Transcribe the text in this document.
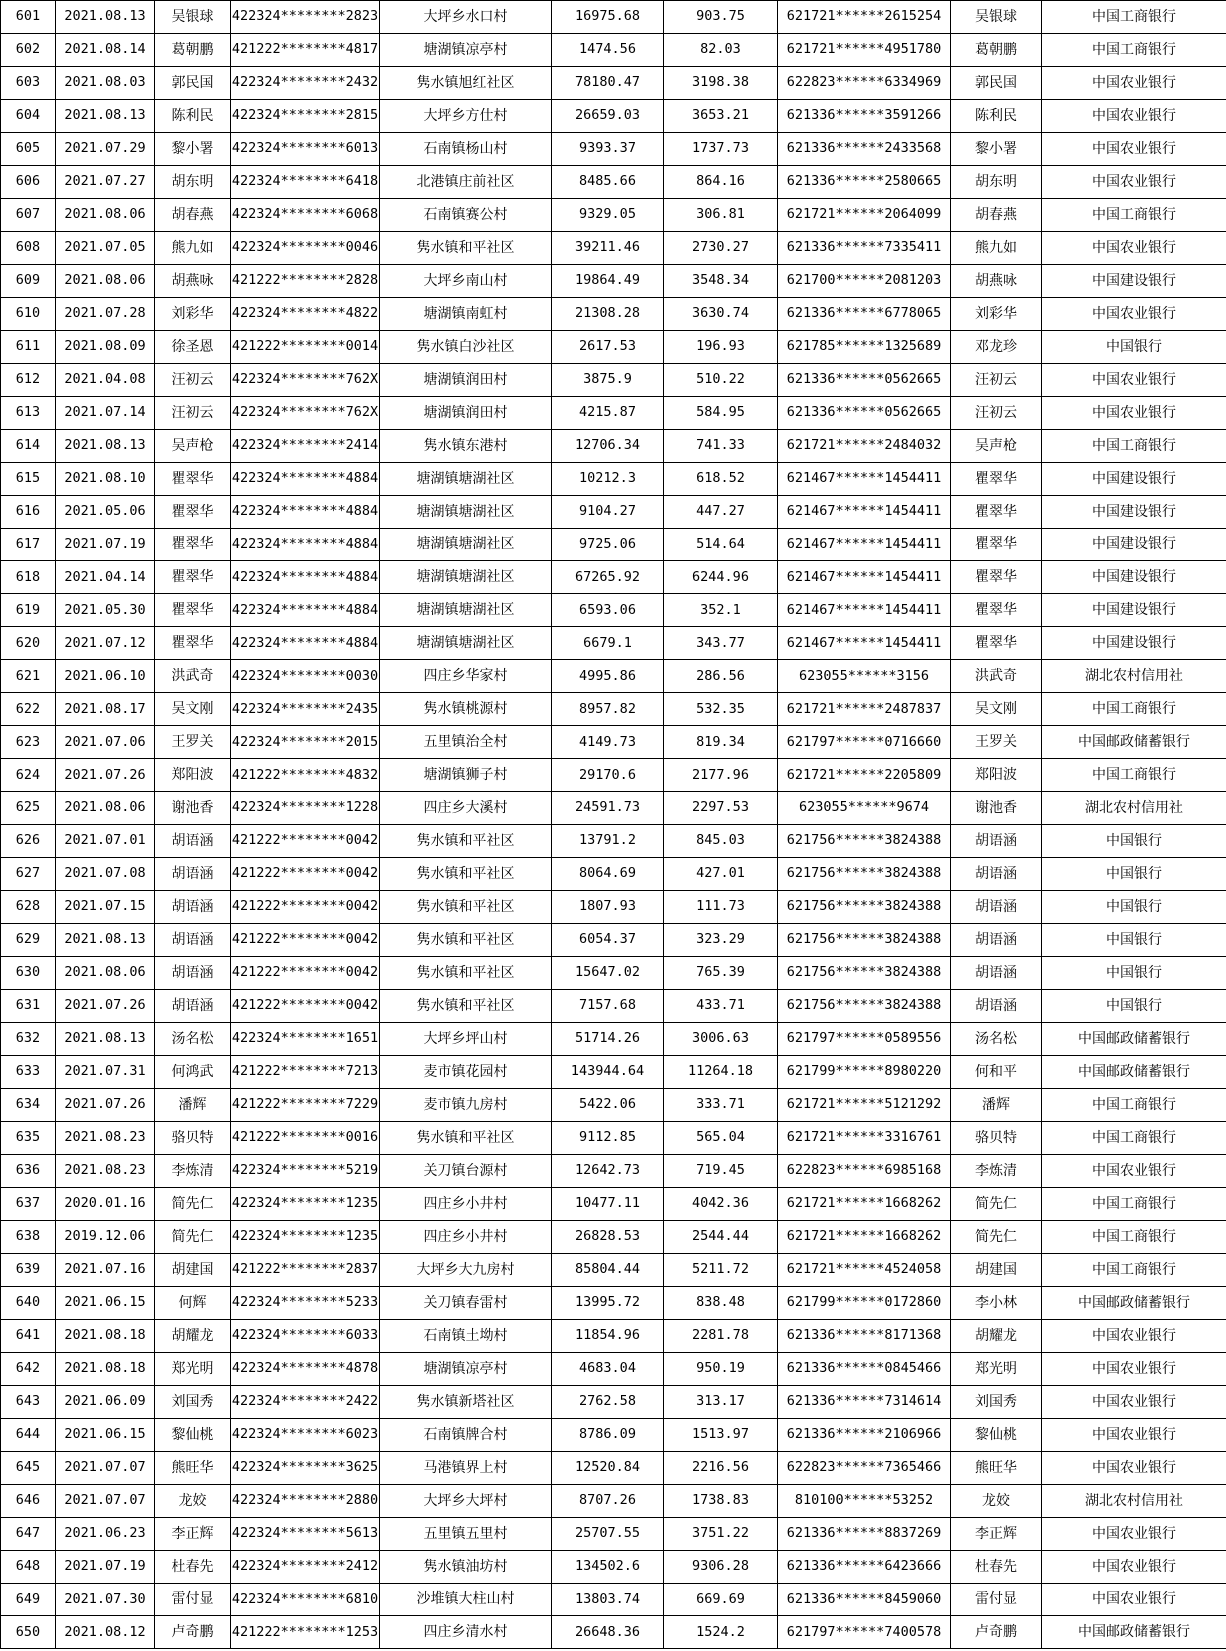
601	2021.08.13	吴银球	422324********2823	大坪乡水口村	16975.68	903.75	621721******2615254	吴银球	中国工商银行
602	2021.08.14	葛朝鹏	421222********4817	塘湖镇凉亭村	1474.56	82.03	621721******4951780	葛朝鹏	中国工商银行
603	2021.08.03	郭民国	422324********2432	隽水镇旭红社区	78180.47	3198.38	622823******6334969	郭民国	中国农业银行
604	2021.08.13	陈利民	422324********2815	大坪乡方仕村	26659.03	3653.21	621336******3591266	陈利民	中国农业银行
605	2021.07.29	黎小署	422324********6013	石南镇杨山村	9393.37	1737.73	621336******2433568	黎小署	中国农业银行
606	2021.07.27	胡东明	422324********6418	北港镇庄前社区	8485.66	864.16	621336******2580665	胡东明	中国农业银行
607	2021.08.06	胡春燕	422324********6068	石南镇赛公村	9329.05	306.81	621721******2064099	胡春燕	中国工商银行
608	2021.07.05	熊九如	422324********0046	隽水镇和平社区	39211.46	2730.27	621336******7335411	熊九如	中国农业银行
609	2021.08.06	胡燕咏	421222********2828	大坪乡南山村	19864.49	3548.34	621700******2081203	胡燕咏	中国建设银行
610	2021.07.28	刘彩华	422324********4822	塘湖镇南虹村	21308.28	3630.74	621336******6778065	刘彩华	中国农业银行
611	2021.08.09	徐圣恩	421222********0014	隽水镇白沙社区	2617.53	196.93	621785******1325689	邓龙珍	中国银行
612	2021.04.08	汪初云	422324********762X	塘湖镇润田村	3875.9	510.22	621336******0562665	汪初云	中国农业银行
613	2021.07.14	汪初云	422324********762X	塘湖镇润田村	4215.87	584.95	621336******0562665	汪初云	中国农业银行
614	2021.08.13	吴声枪	422324********2414	隽水镇东港村	12706.34	741.33	621721******2484032	吴声枪	中国工商银行
615	2021.08.10	瞿翠华	422324********4884	塘湖镇塘湖社区	10212.3	618.52	621467******1454411	瞿翠华	中国建设银行
616	2021.05.06	瞿翠华	422324********4884	塘湖镇塘湖社区	9104.27	447.27	621467******1454411	瞿翠华	中国建设银行
617	2021.07.19	瞿翠华	422324********4884	塘湖镇塘湖社区	9725.06	514.64	621467******1454411	瞿翠华	中国建设银行
618	2021.04.14	瞿翠华	422324********4884	塘湖镇塘湖社区	67265.92	6244.96	621467******1454411	瞿翠华	中国建设银行
619	2021.05.30	瞿翠华	422324********4884	塘湖镇塘湖社区	6593.06	352.1	621467******1454411	瞿翠华	中国建设银行
620	2021.07.12	瞿翠华	422324********4884	塘湖镇塘湖社区	6679.1	343.77	621467******1454411	瞿翠华	中国建设银行
621	2021.06.10	洪武奇	422324********0030	四庄乡华家村	4995.86	286.56	623055******3156	洪武奇	湖北农村信用社
622	2021.08.17	吴文刚	422324********2435	隽水镇桃源村	8957.82	532.35	621721******2487837	吴文刚	中国工商银行
623	2021.07.06	王罗关	422324********2015	五里镇治全村	4149.73	819.34	621797******0716660	王罗关	中国邮政储蓄银行
624	2021.07.26	郑阳波	421222********4832	塘湖镇狮子村	29170.6	2177.96	621721******2205809	郑阳波	中国工商银行
625	2021.08.06	谢池香	422324********1228	四庄乡大溪村	24591.73	2297.53	623055******9674	谢池香	湖北农村信用社
626	2021.07.01	胡语涵	421222********0042	隽水镇和平社区	13791.2	845.03	621756******3824388	胡语涵	中国银行
627	2021.07.08	胡语涵	421222********0042	隽水镇和平社区	8064.69	427.01	621756******3824388	胡语涵	中国银行
628	2021.07.15	胡语涵	421222********0042	隽水镇和平社区	1807.93	111.73	621756******3824388	胡语涵	中国银行
629	2021.08.13	胡语涵	421222********0042	隽水镇和平社区	6054.37	323.29	621756******3824388	胡语涵	中国银行
630	2021.08.06	胡语涵	421222********0042	隽水镇和平社区	15647.02	765.39	621756******3824388	胡语涵	中国银行
631	2021.07.26	胡语涵	421222********0042	隽水镇和平社区	7157.68	433.71	621756******3824388	胡语涵	中国银行
632	2021.08.13	汤名松	422324********1651	大坪乡坪山村	51714.26	3006.63	621797******0589556	汤名松	中国邮政储蓄银行
633	2021.07.31	何鸿武	421222********7213	麦市镇花园村	143944.64	11264.18	621799******8980220	何和平	中国邮政储蓄银行
634	2021.07.26	潘辉	421222********7229	麦市镇九房村	5422.06	333.71	621721******5121292	潘辉	中国工商银行
635	2021.08.23	骆贝特	421222********0016	隽水镇和平社区	9112.85	565.04	621721******3316761	骆贝特	中国工商银行
636	2021.08.23	李炼清	422324********5219	关刀镇台源村	12642.73	719.45	622823******6985168	李炼清	中国农业银行
637	2020.01.16	简先仁	422324********1235	四庄乡小井村	10477.11	4042.36	621721******1668262	简先仁	中国工商银行
638	2019.12.06	简先仁	422324********1235	四庄乡小井村	26828.53	2544.44	621721******1668262	简先仁	中国工商银行
639	2021.07.16	胡建国	421222********2837	大坪乡大九房村	85804.44	5211.72	621721******4524058	胡建国	中国工商银行
640	2021.06.15	何辉	422324********5233	关刀镇春雷村	13995.72	838.48	621799******0172860	李小林	中国邮政储蓄银行
641	2021.08.18	胡耀龙	422324********6033	石南镇土坳村	11854.96	2281.78	621336******8171368	胡耀龙	中国农业银行
642	2021.08.18	郑光明	422324********4878	塘湖镇凉亭村	4683.04	950.19	621336******0845466	郑光明	中国农业银行
643	2021.06.09	刘国秀	422324********2422	隽水镇新塔社区	2762.58	313.17	621336******7314614	刘国秀	中国农业银行
644	2021.06.15	黎仙桃	422324********6023	石南镇牌合村	8786.09	1513.97	621336******2106966	黎仙桃	中国农业银行
645	2021.07.07	熊旺华	422324********3625	马港镇界上村	12520.84	2216.56	622823******7365466	熊旺华	中国农业银行
646	2021.07.07	龙姣	422324********2880	大坪乡大坪村	8707.26	1738.83	810100******53252	龙姣	湖北农村信用社
647	2021.06.23	李正辉	422324********5613	五里镇五里村	25707.55	3751.22	621336******8837269	李正辉	中国农业银行
648	2021.07.19	杜春先	422324********2412	隽水镇油坊村	134502.6	9306.28	621336******6423666	杜春先	中国农业银行
649	2021.07.30	雷付显	422324********6810	沙堆镇大柱山村	13803.74	669.69	621336******8459060	雷付显	中国农业银行
650	2021.08.12	卢奇鹏	421222********1253	四庄乡清水村	26648.36	1524.2	621797******7400578	卢奇鹏	中国邮政储蓄银行
